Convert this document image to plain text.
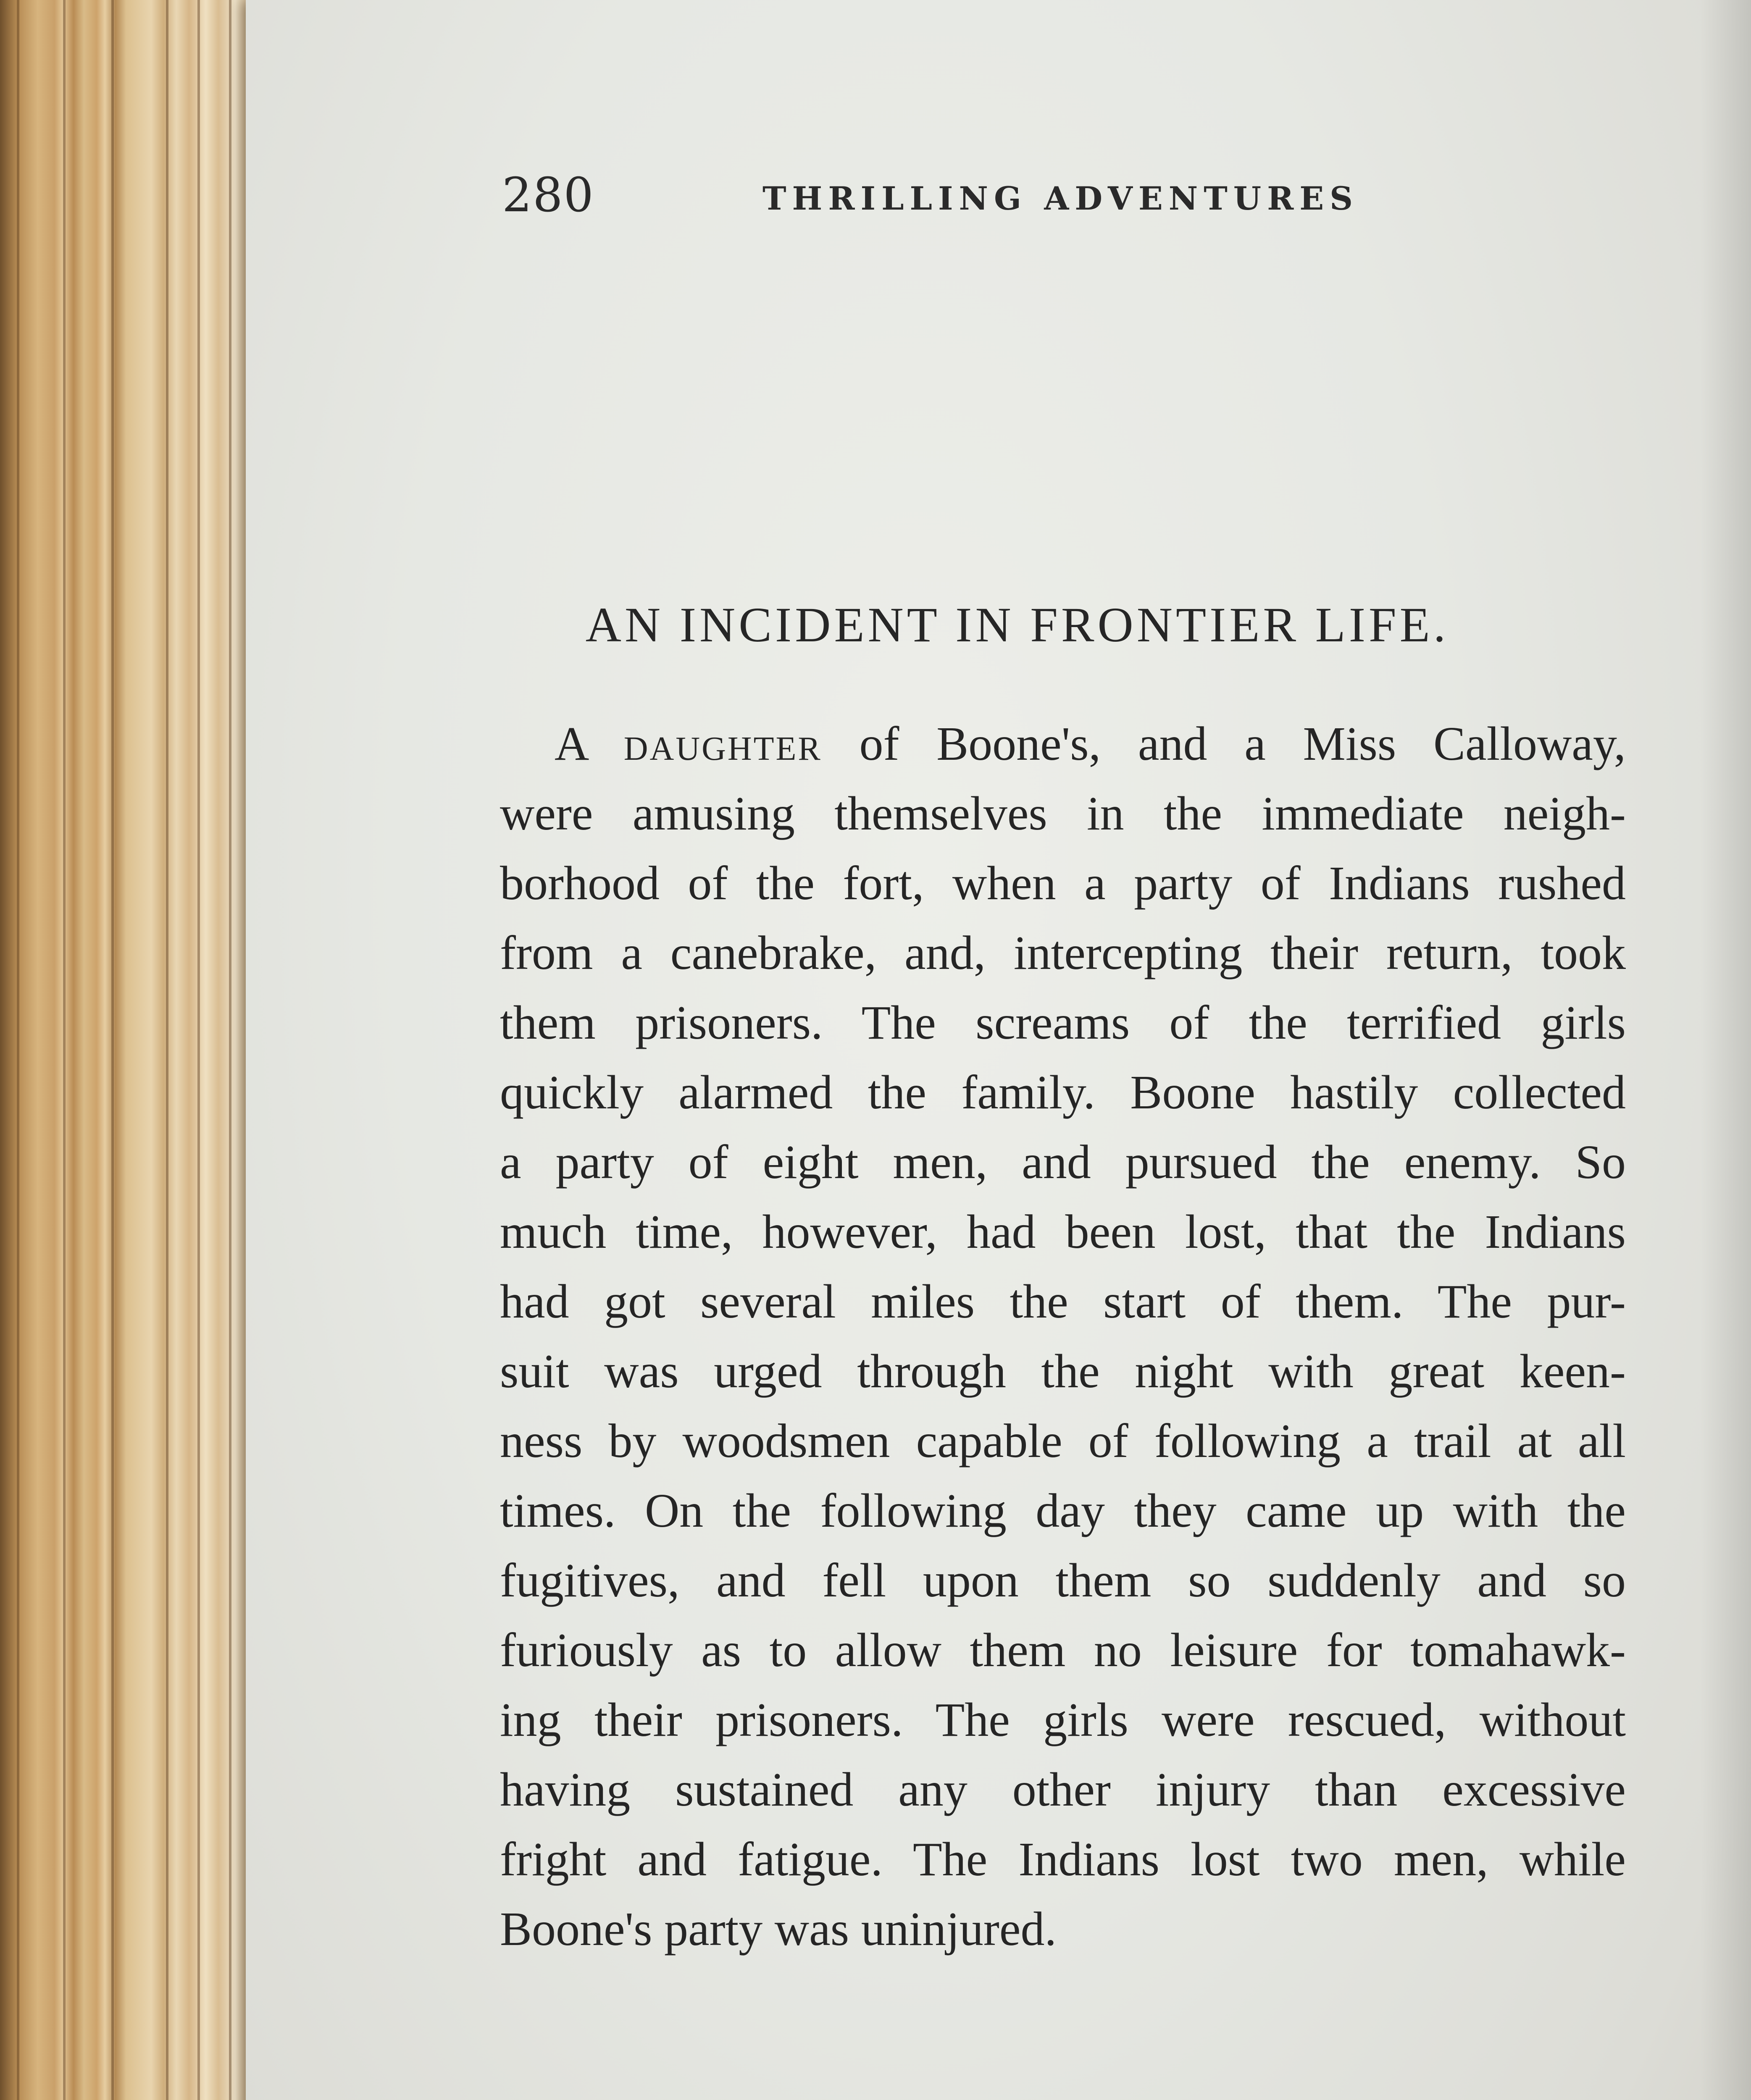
280	THRILLING ADVENTURES
AN INCIDENT IN FRONTIER LIFE.
A daughter of Boone's, and a Miss Calloway,
were amusing themselves in the immediate neigh-
borhood of the fort, when a party of Indians rushed
from a canebrake, and, intercepting their return, took
them prisoners. The screams of the terrified girls
quickly alarmed the family. Boone hastily collected
a party of eight men, and pursued the enemy. So
much time, however, had been lost, that the Indians
had got several miles the start of them. The pur-
suit was urged through the night with great keen-
ness by woodsmen capable of following a trail at all
times. On the following day they came up with the
fugitives, and fell upon them so suddenly and so
furiously as to allow them no leisure for tomahawk-
ing their prisoners. The girls were rescued, without
having sustained any other injury than excessive
fright and fatigue. The Indians lost two men, while
Boone's party was uninjured.
